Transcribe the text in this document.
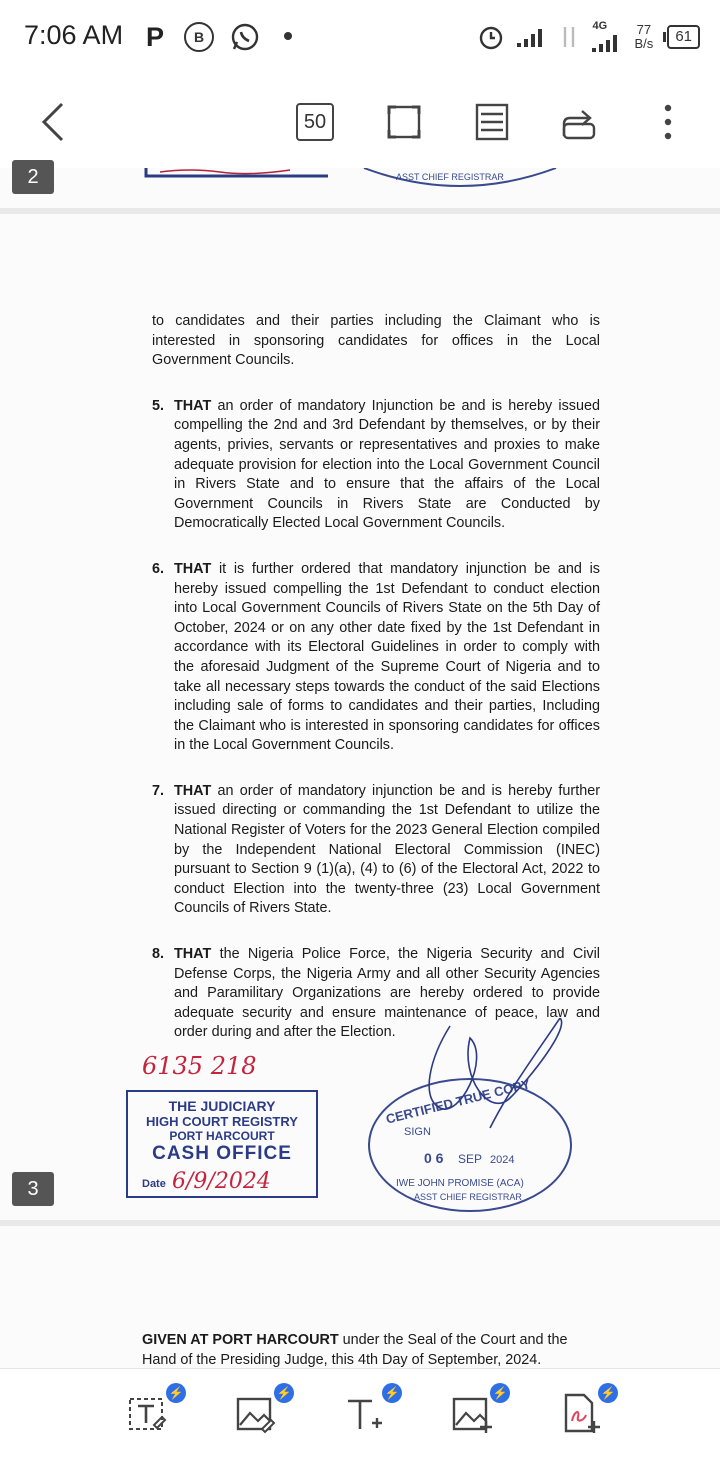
7:06 AM P	B
4G 77
B/s	61
50
ASST CHIEF REGISTRAR
2

to candidates and their parties including the Claimant who is interested in sponsoring candidates for offices in the Local Government Councils.

5. THAT an order of mandatory Injunction be and is hereby issued compelling the 2nd and 3rd Defendant by themselves, or by their agents, privies, servants or representatives and proxies to make adequate provision for election into the Local Government Council in Rivers State and to ensure that the affairs of the Local Government Councils in Rivers State are Conducted by Democratically Elected Local Government Councils.

6. THAT it is further ordered that mandatory injunction be and is hereby issued compelling the 1st Defendant to conduct election into Local Government Councils of Rivers State on the 5th Day of October, 2024 or on any other date fixed by the 1st Defendant in accordance with its Electoral Guidelines in order to comply with the aforesaid Judgment of the Supreme Court of Nigeria and to take all necessary steps towards the conduct of the said Elections including sale of forms to candidates and their parties, Including the Claimant who is interested in sponsoring candidates for offices in the Local Government Councils.

7. THAT an order of mandatory injunction be and is hereby further issued directing or commanding the 1st Defendant to utilize the National Register of Voters for the 2023 General Election compiled by the Independent National Electoral Commission (INEC) pursuant to Section 9 (1)(a), (4) to (6) of the Electoral Act, 2022 to conduct Election into the twenty-three (23) Local Government Councils of Rivers State.

8. THAT the Nigeria Police Force, the Nigeria Security and Civil Defense Corps, the Nigeria Army and all other Security Agencies and Paramilitary Organizations are hereby ordered to provide adequate security and ensure maintenance of peace, law and order during and after the Election.

3
6135 218
THE JUDICIARY
HIGH COURT REGISTRY
PORT HARCOURT
CASH OFFICE
Date 6/9/2024
CERTIFIED TRUE COPY
SIGN
0 6 SEP 2024
IWE JOHN PROMISE (ACA)
ASST CHIEF REGISTRAR
GIVEN AT PORT HARCOURT under the Seal of the Court and the Hand of the Presiding Judge, this 4th Day of September, 2024.
⚡	⚡	⚡	⚡	⚡
